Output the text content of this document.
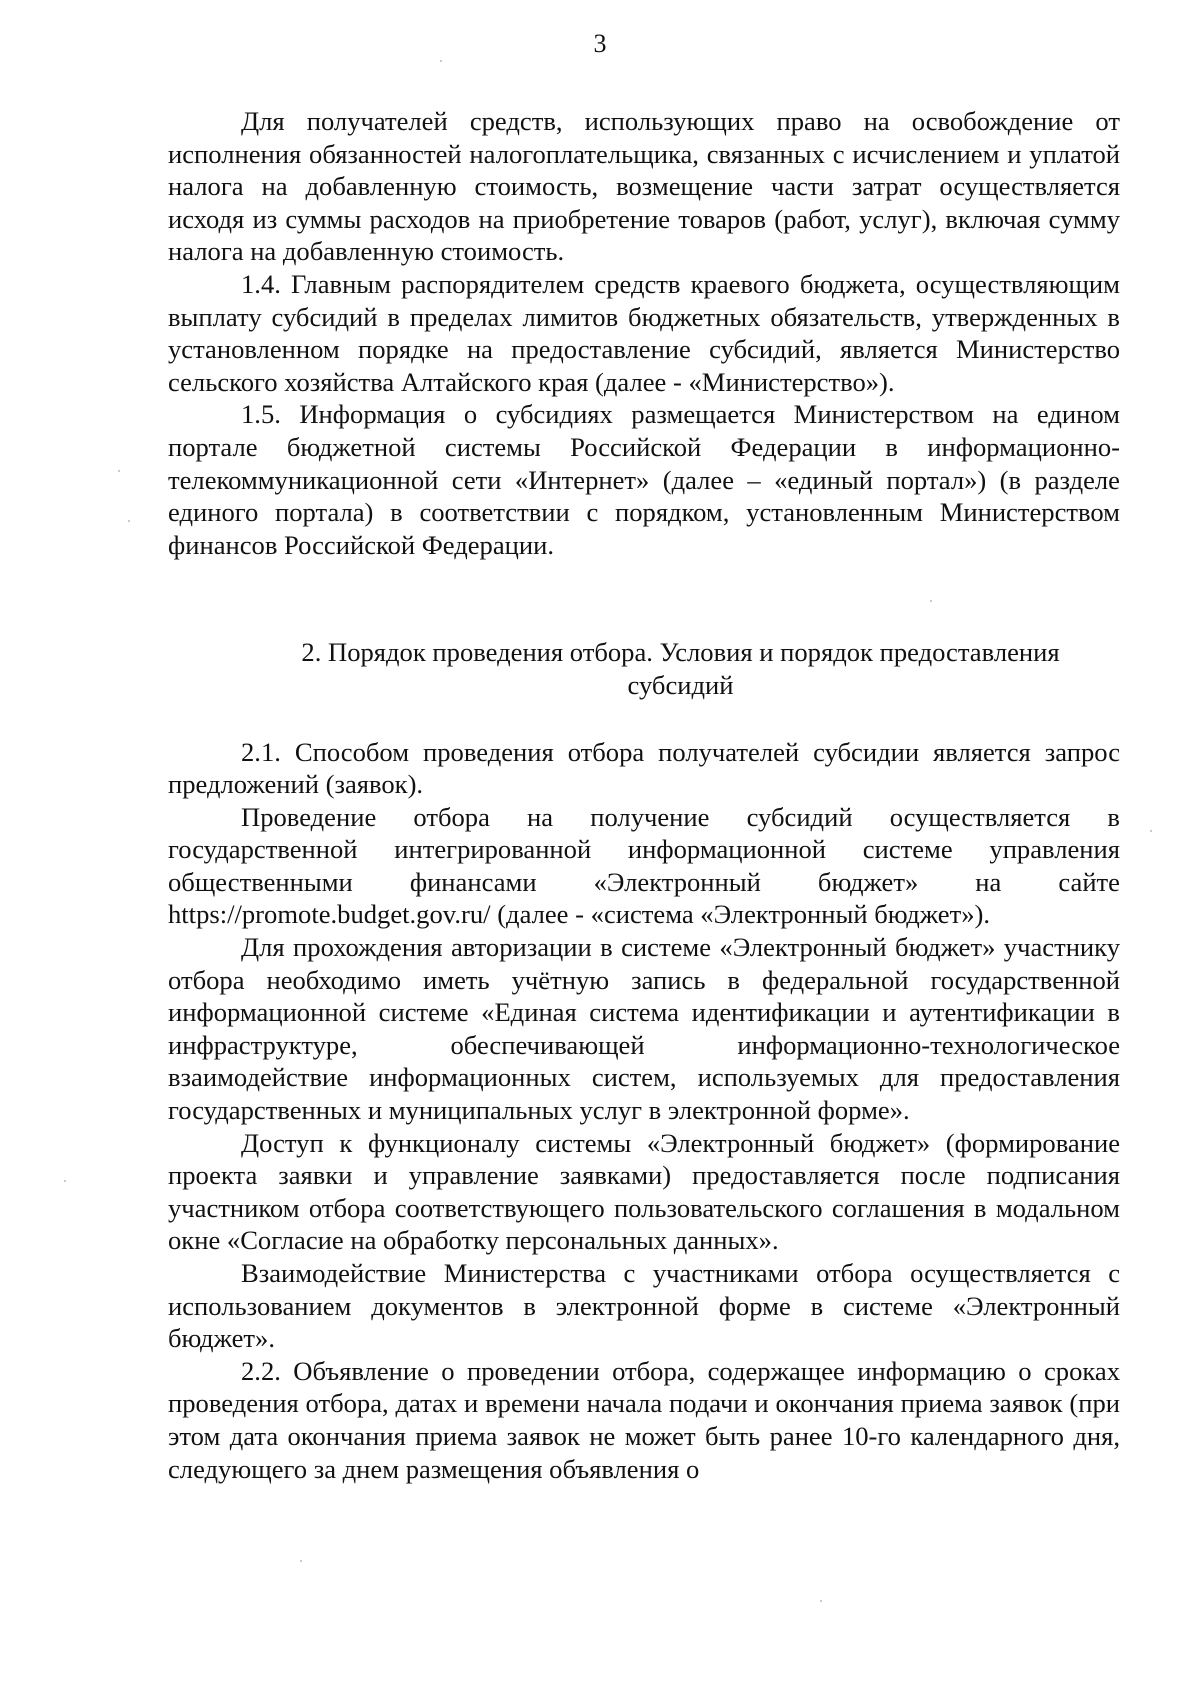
3

Для получателей средств, использующих право на освобождение от исполнения обязанностей налогоплательщика, связанных с исчислением и уплатой налога на добавленную стоимость, возмещение части затрат осуществляется исходя из суммы расходов на приобретение товаров (работ, услуг), включая сумму налога на добавленную стоимость.

1.4. Главным распорядителем средств краевого бюджета, осуществляющим выплату субсидий в пределах лимитов бюджетных обязательств, утвержденных в установленном порядке на предоставление субсидий, является Министерство сельского хозяйства Алтайского края (далее - «Министерство»).

1.5. Информация о субсидиях размещается Министерством на едином портале бюджетной системы Российской Федерации в информационно-телекоммуникационной сети «Интернет» (далее – «единый портал») (в разделе единого портала) в соответствии с порядком, установленным Министерством финансов Российской Федерации.

2. Порядок проведения отбора. Условия и порядок предоставления
субсидий

2.1. Способом проведения отбора получателей субсидии является запрос предложений (заявок).

Проведение отбора на получение субсидий осуществляется в государственной интегрированной информационной системе управления общественными финансами «Электронный бюджет» на сайте https://promote.budget.gov.ru/ (далее - «система «Электронный бюджет»).

Для прохождения авторизации в системе «Электронный бюджет» участнику отбора необходимо иметь учётную запись в федеральной государственной информационной системе «Единая система идентификации и аутентификации в инфраструктуре, обеспечивающей информационно-технологическое взаимодействие информационных систем, используемых для предоставления государственных и муниципальных услуг в электронной форме».

Доступ к функционалу системы «Электронный бюджет» (формирование проекта заявки и управление заявками) предоставляется после подписания участником отбора соответствующего пользовательского соглашения в модальном окне «Согласие на обработку персональных данных».

Взаимодействие Министерства с участниками отбора осуществляется с использованием документов в электронной форме в системе «Электронный бюджет».

2.2. Объявление о проведении отбора, содержащее информацию о сроках проведения отбора, датах и времени начала подачи и окончания приема заявок (при этом дата окончания приема заявок не может быть ранее 10-го календарного дня, следующего за днем размещения объявления о
